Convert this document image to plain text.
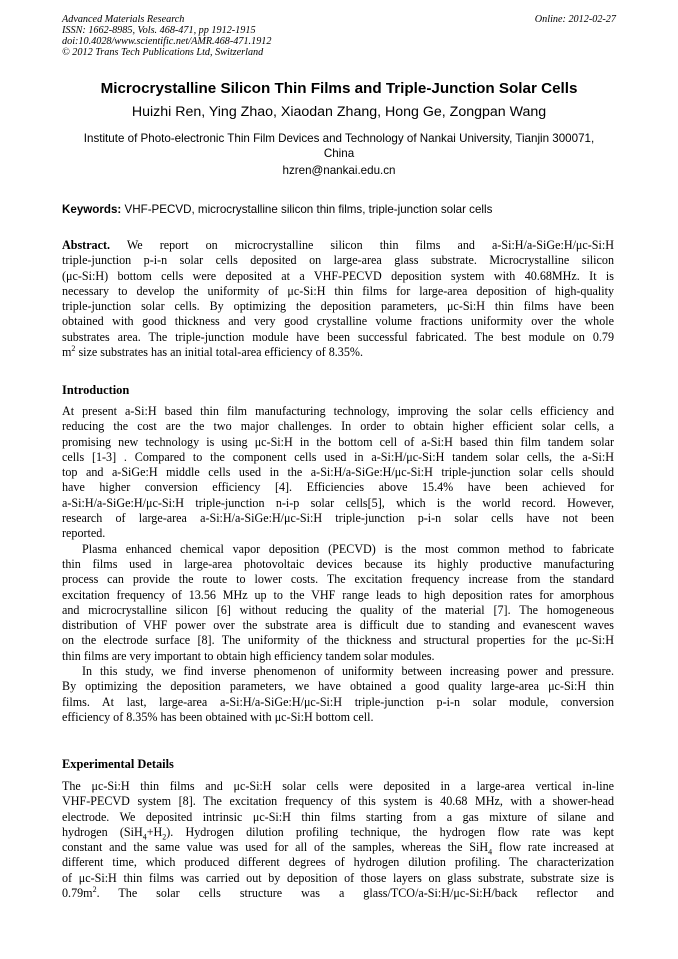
Advanced Materials Research
ISSN: 1662-8985, Vols. 468-471, pp 1912-1915
doi:10.4028/www.scientific.net/AMR.468-471.1912
© 2012 Trans Tech Publications Ltd, Switzerland
Online: 2012-02-27
Microcrystalline Silicon Thin Films and Triple-Junction Solar Cells
Huizhi Ren, Ying Zhao, Xiaodan Zhang, Hong Ge, Zongpan Wang
Institute of Photo-electronic Thin Film Devices and Technology of Nankai University, Tianjin 300071,
China
hzren@nankai.edu.cn
Keywords: VHF-PECVD, microcrystalline silicon thin films, triple-junction solar cells
Abstract. We report on microcrystalline silicon thin films and a-Si:H/a-SiGe:H/μc-Si:H
triple-junction p-i-n solar cells deposited on large-area glass substrate. Microcrystalline silicon
(μc-Si:H) bottom cells were deposited at a VHF-PECVD deposition system with 40.68MHz. It is
necessary to develop the uniformity of μc-Si:H thin films for large-area deposition of high-quality
triple-junction solar cells. By optimizing the deposition parameters, μc-Si:H thin films have been
obtained with good thickness and very good crystalline volume fractions uniformity over the whole
substrates area. The triple-junction module have been successful fabricated. The best module on 0.79
$m^2$ size substrates has an initial total-area efficiency of 8.35%.
Introduction
At present a-Si:H based thin film manufacturing technology, improving the solar cells efficiency and
reducing the cost are the two major challenges. In order to obtain higher efficient solar cells, a
promising new technology is using μc-Si:H in the bottom cell of a-Si:H based thin film tandem solar
cells [1-3] . Compared to the component cells used in a-Si:H/μc-Si:H tandem solar cells, the a-Si:H
top and a-SiGe:H middle cells used in the a-Si:H/a-SiGe:H/μc-Si:H triple-junction solar cells should
have higher conversion efficiency [4]. Efficiencies above 15.4% have been achieved for
a-Si:H/a-SiGe:H/μc-Si:H triple-junction n-i-p solar cells[5], which is the world record. However,
research of large-area a-Si:H/a-SiGe:H/μc-Si:H triple-junction p-i-n solar cells have not been
reported.
Plasma enhanced chemical vapor deposition (PECVD) is the most common method to fabricate
thin films used in large-area photovoltaic devices because its highly productive manufacturing
process can provide the route to lower costs. The excitation frequency increase from the standard
excitation frequency of 13.56 MHz up to the VHF range leads to high deposition rates for amorphous
and microcrystalline silicon [6] without reducing the quality of the material [7]. The homogeneous
distribution of VHF power over the substrate area is difficult due to standing and evanescent waves
on the electrode surface [8]. The uniformity of the thickness and structural properties for the μc-Si:H
thin films are very important to obtain high efficiency tandem solar modules.
In this study, we find inverse phenomenon of uniformity between increasing power and pressure.
By optimizing the deposition parameters, we have obtained a good quality large-area μc-Si:H thin
films. At last, large-area a-Si:H/a-SiGe:H/μc-Si:H triple-junction p-i-n solar module, conversion
efficiency of 8.35% has been obtained with μc-Si:H bottom cell.
Experimental Details
The μc-Si:H thin films and μc-Si:H solar cells were deposited in a large-area vertical in-line
VHF-PECVD system [8]. The excitation frequency of this system is 40.68 MHz, with a shower-head
electrode. We deposited intrinsic μc-Si:H thin films starting from a gas mixture of silane and
hydrogen $(SiH_4+H_2)$. Hydrogen dilution profiling technique, the hydrogen flow rate was kept
constant and the same value was used for all of the samples, whereas the SiH$_4$ flow rate increased at
different time, which produced different degrees of hydrogen dilution profiling. The characterization
of μc-Si:H thin films was carried out by deposition of those layers on glass substrate, substrate size is
$0.79m^2$. The solar cells structure was a glass/TCO/a-Si:H/μc-Si:H/back reflector and
